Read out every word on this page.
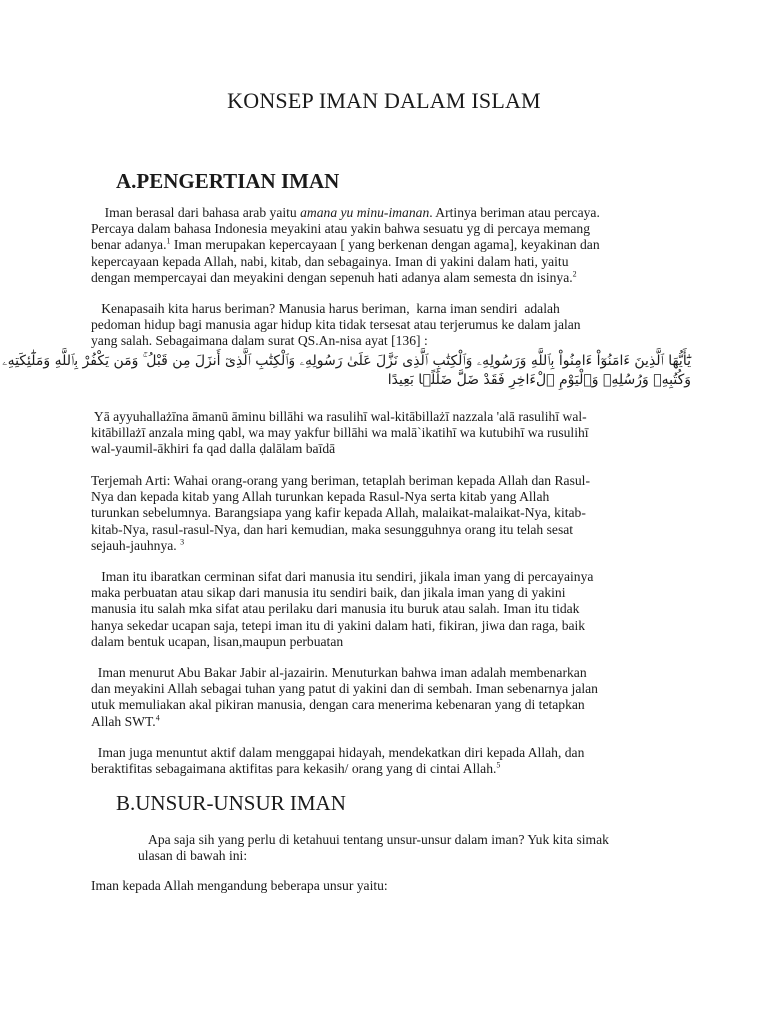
KONSEP IMAN DALAM ISLAM
A.PENGERTIAN IMAN
Iman berasal dari bahasa arab yaitu amana yu minu-imanan. Artinya beriman atau percaya.
Percaya dalam bahasa Indonesia meyakini atau yakin bahwa sesuatu yg di percaya memang
benar adanya.$^1$ Iman merupakan kepercayaan [ yang berkenan dengan agama], keyakinan dan
kepercayaan kepada Allah, nabi, kitab, dan sebagainya. Iman di yakini dalam hati, yaitu
dengan mempercayai dan meyakini dengan sepenuh hati adanya alam semesta dn isinya.$^2$
Kenapasaih kita harus beriman? Manusia harus beriman,  karna iman sendiri  adalah
pedoman hidup bagi manusia agar hidup kita tidak tersesat atau terjerumus ke dalam jalan
yang salah. Sebagaimana dalam surat QS.An-nisa ayat [136] :
يَٰٓأَيُّهَا ٱلَّذِينَ ءَامَنُوٓاْ ءَامِنُواْ بِٱللَّهِ وَرَسُولِهِۦ وَٱلْكِتَٰبِ ٱلَّذِى نَزَّلَ عَلَىٰ رَسُولِهِۦ وَٱلْكِتَٰبِ ٱلَّذِىٓ أَنزَلَ مِن قَبْلُ ۚ وَمَن يَكْفُرْ بِٱللَّهِ وَمَلَٰٓئِكَتِهِۦ
وَكُتُبِهِۦ وَرُسُلِهِۦ وَٱلْيَوْمِ ٱلْءَاخِرِ فَقَدْ ضَلَّ ضَلَٰلًۢا بَعِيدًا
Yā ayyuhallażīna āmanū āminu billāhi wa rasulihī wal-kitābillażī nazzala 'alā rasulihī wal-
kitābillażī anzala ming qabl, wa may yakfur billāhi wa malā`ikatihī wa kutubihī wa rusulihī
wal-yaumil-ākhiri fa qad dalla ḍalālam baīdā
Terjemah Arti: Wahai orang-orang yang beriman, tetaplah beriman kepada Allah dan Rasul-
Nya dan kepada kitab yang Allah turunkan kepada Rasul-Nya serta kitab yang Allah
turunkan sebelumnya. Barangsiapa yang kafir kepada Allah, malaikat-malaikat-Nya, kitab-
kitab-Nya, rasul-rasul-Nya, dan hari kemudian, maka sesungguhnya orang itu telah sesat
sejauh-jauhnya. $^3$
Iman itu ibaratkan cerminan sifat dari manusia itu sendiri, jikala iman yang di percayainya
maka perbuatan atau sikap dari manusia itu sendiri baik, dan jikala iman yang di yakini
manusia itu salah mka sifat atau perilaku dari manusia itu buruk atau salah. Iman itu tidak
hanya sekedar ucapan saja, tetepi iman itu di yakini dalam hati, fikiran, jiwa dan raga, baik
dalam bentuk ucapan, lisan,maupun perbuatan
Iman menurut Abu Bakar Jabir al-jazairin. Menuturkan bahwa iman adalah membenarkan
dan meyakini Allah sebagai tuhan yang patut di yakini dan di sembah. Iman sebenarnya jalan
utuk memuliakan akal pikiran manusia, dengan cara menerima kebenaran yang di tetapkan
Allah SWT.$^4$
Iman juga menuntut aktif dalam menggapai hidayah, mendekatkan diri kepada Allah, dan
beraktifitas sebagaimana aktifitas para kekasih/ orang yang di cintai Allah.$^5$
B.UNSUR-UNSUR IMAN
Apa saja sih yang perlu di ketahuui tentang unsur-unsur dalam iman? Yuk kita simak
ulasan di bawah ini:
Iman kepada Allah mengandung beberapa unsur yaitu:
